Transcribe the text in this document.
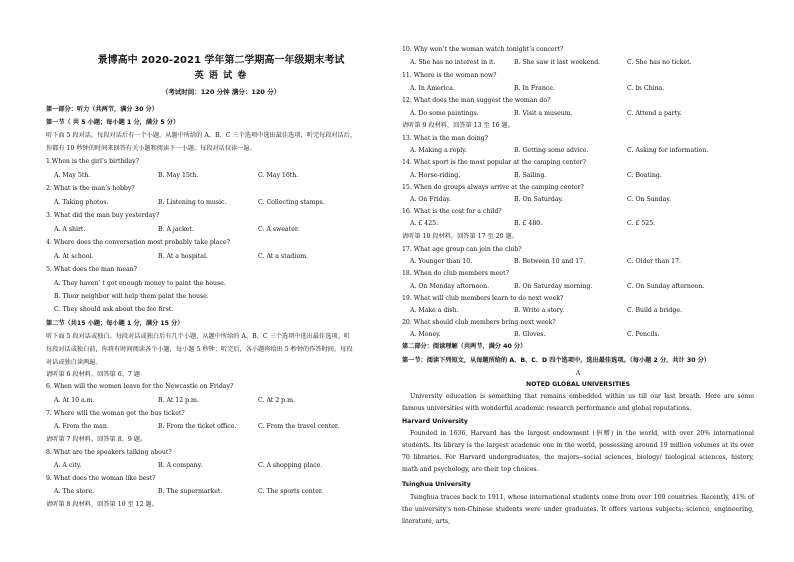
景博高中 2020-2021 学年第二学期高一年级期末考试
英 语 试 卷
（考试时间：120 分钟 满分：120 分）
第一部分：听力（共两节，满分 30 分）
第一节（ 共 5 小题；每小题 1 分，满分 5 分）
听下面 5 段对话。每段对话后有一个小题，从题中所给的 A、B、C 三个选项中选出最佳选项，听完每段对话后，
你都有 10 秒钟的时间来回答有关小题和阅读下一小题。每段对话仅读一遍。
1.When is the girl’s birthday?
A. May 5th.	B. May 15th.	C. May 16th.
2. What is the man’s hobby?
A. Taking photos.	B. Listening to music.	C. Collecting stamps.
3. What did the man buy yesterday?
A. A shirt.	B. A jacket.	C. A sweater.
4. Where does the conversation most probably take place?
A. At school.	B. At a hospital.	C. At a stadium.
5. What does the man mean?
A. They haven’ t got enough money to paint the house.
B. Their neighbor will help them paint the house.
C. They should ask about the fee first.
第二节（共15 小题；每小题 1 分，满分 15 分）
听下面 5 段对话或独白。每段对话或独白后有几个小题，从题中所给的 A、B、C 三个选项中选出最佳选项。听
每段对话或独白前，你将有时间阅读各个小题，每小题 5 秒钟；听完后，各小题将给出 5 秒钟的作答时间。每段
对话或独白读两遍。
请听第 6 段材料，回答第 6、7 题
6. When will the women leave for the Newcastle on Friday?
A. At 10 a.m.	B. At 12 p.m.	C. At 2 p.m.
7. Where will the woman get the bus ticket?
A. From the man.	B. From the ticket office.	C. From the travel center.
请听第 7 段材料，回答第 8、9 题。
8. What are the speakers talking about?
A. A city.	B. A company.	C. A shopping place.
9. What does the woman like best?
A. The store.	B. The supermarket.	C. The sports center.
请听第 8 段材料，回答第 10 至 12 题。
10. Why won’t the woman watch tonight’s concert?
A. She has no interest in it.	B. She saw it last weekend.	C. She has no ticket.
11. Where is the woman now?
A. In America.	B. In France.	C. In China.
12. What does the man suggest the woman do?
A. Do some paintings.	B. Visit a museum.	C. Attend a party.
请听第 9 段材料，回答第 13 至 16 题。
13. What is the man doing?
A. Making a reply.	B. Getting some advice.	C. Asking for information.
14. What sport is the most popular at the camping center?
A. Horse-riding.	B. Sailing.	C. Boating.
15. When do groups always arrive at the camping center?
A. On Friday.	B. On Saturday.	C. On Sunday.
16. What is the cost for a child?
A. £ 425.	B. £ 480.	C. £ 525.
请听第 10 段材料，回答第 17 至 20 题。
17. What age group can join the club?
A. Younger than 10.	B. Between 10 and 17.	C. Older than 17.
18. When do club members meet?
A. On Monday afternoon.	B. On Saturday morning.	C. On Sunday afternoon.
19. What will club members learn to do next week?
A. Make a dish.	B. Write a story.	C. Build a bridge.
20. What should club members bring next week?
A. Money.	B. Gloves.	C. Pencils.
第二部分：阅读理解（共两节，满分 40 分）
第一节：阅读下列短文，从每题所给的 A、B、C、D 四个选项中，选出最佳选项。（每小题 2 分，共计 30 分）
A
NOTED GLOBAL UNIVERSITIES
University education is something that remains embedded within us till our last breath. Here are some famous universities with wonderful academic research performance and global reputations.
Harvard University
Founded in 1636, Harvard has the largest endowment (捐赠) in the world, with over 20% international students. Its library is the largest academic one in the world, possessing around 19 million volumes at its over 70 libraries. For Harvard undergraduates, the majors--social sciences, biology/ biological sciences, history, math and psychology, are their top choices.
Tsinghua University
Tsinghua traces back to 1911, whose international students come from over 100 countries. Recently, 41% of the university's non-Chinese students were under graduates. It offers various subjects: science, engineering, literature, arts,
